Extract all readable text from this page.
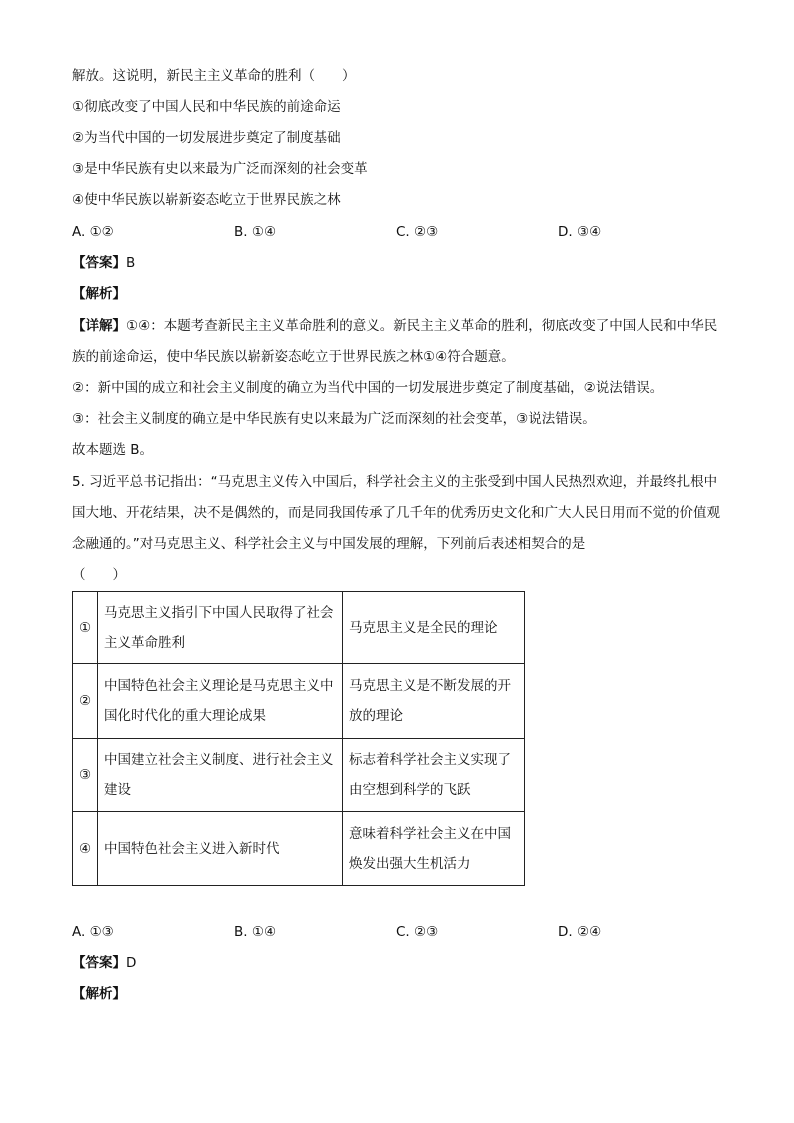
解放。这说明，新民主主义革命的胜利（　　）
①彻底改变了中国人民和中华民族的前途命运
②为当代中国的一切发展进步奠定了制度基础
③是中华民族有史以来最为广泛而深刻的社会变革
④使中华民族以崭新姿态屹立于世界民族之林
A. ①②	B. ①④	C. ②③	D. ③④
【答案】B
【解析】
【详解】①④：本题考查新民主主义革命胜利的意义。新民主主义革命的胜利，彻底改变了中国人民和中华民族的前途命运，使中华民族以崭新姿态屹立于世界民族之林①④符合题意。
②：新中国的成立和社会主义制度的确立为当代中国的一切发展进步奠定了制度基础，②说法错误。
③：社会主义制度的确立是中华民族有史以来最为广泛而深刻的社会变革，③说法错误。
故本题选 B。
5. 习近平总书记指出：“马克思主义传入中国后，科学社会主义的主张受到中国人民热烈欢迎，并最终扎根中国大地、开花结果，决不是偶然的，而是同我国传承了几千年的优秀历史文化和广大人民日用而不觉的价值观念融通的。”对马克思主义、科学社会主义与中国发展的理解，下列前后表述相契合的是
（　　）
①	马克思主义指引下中国人民取得了社会主义革命胜利	马克思主义是全民的理论
②	中国特色社会主义理论是马克思主义中国化时代化的重大理论成果	马克思主义是不断发展的开放的理论
③	中国建立社会主义制度、进行社会主义建设	标志着科学社会主义实现了由空想到科学的飞跃
④	中国特色社会主义进入新时代	意味着科学社会主义在中国焕发出强大生机活力
A. ①③	B. ①④	C. ②③	D. ②④
【答案】D
【解析】
